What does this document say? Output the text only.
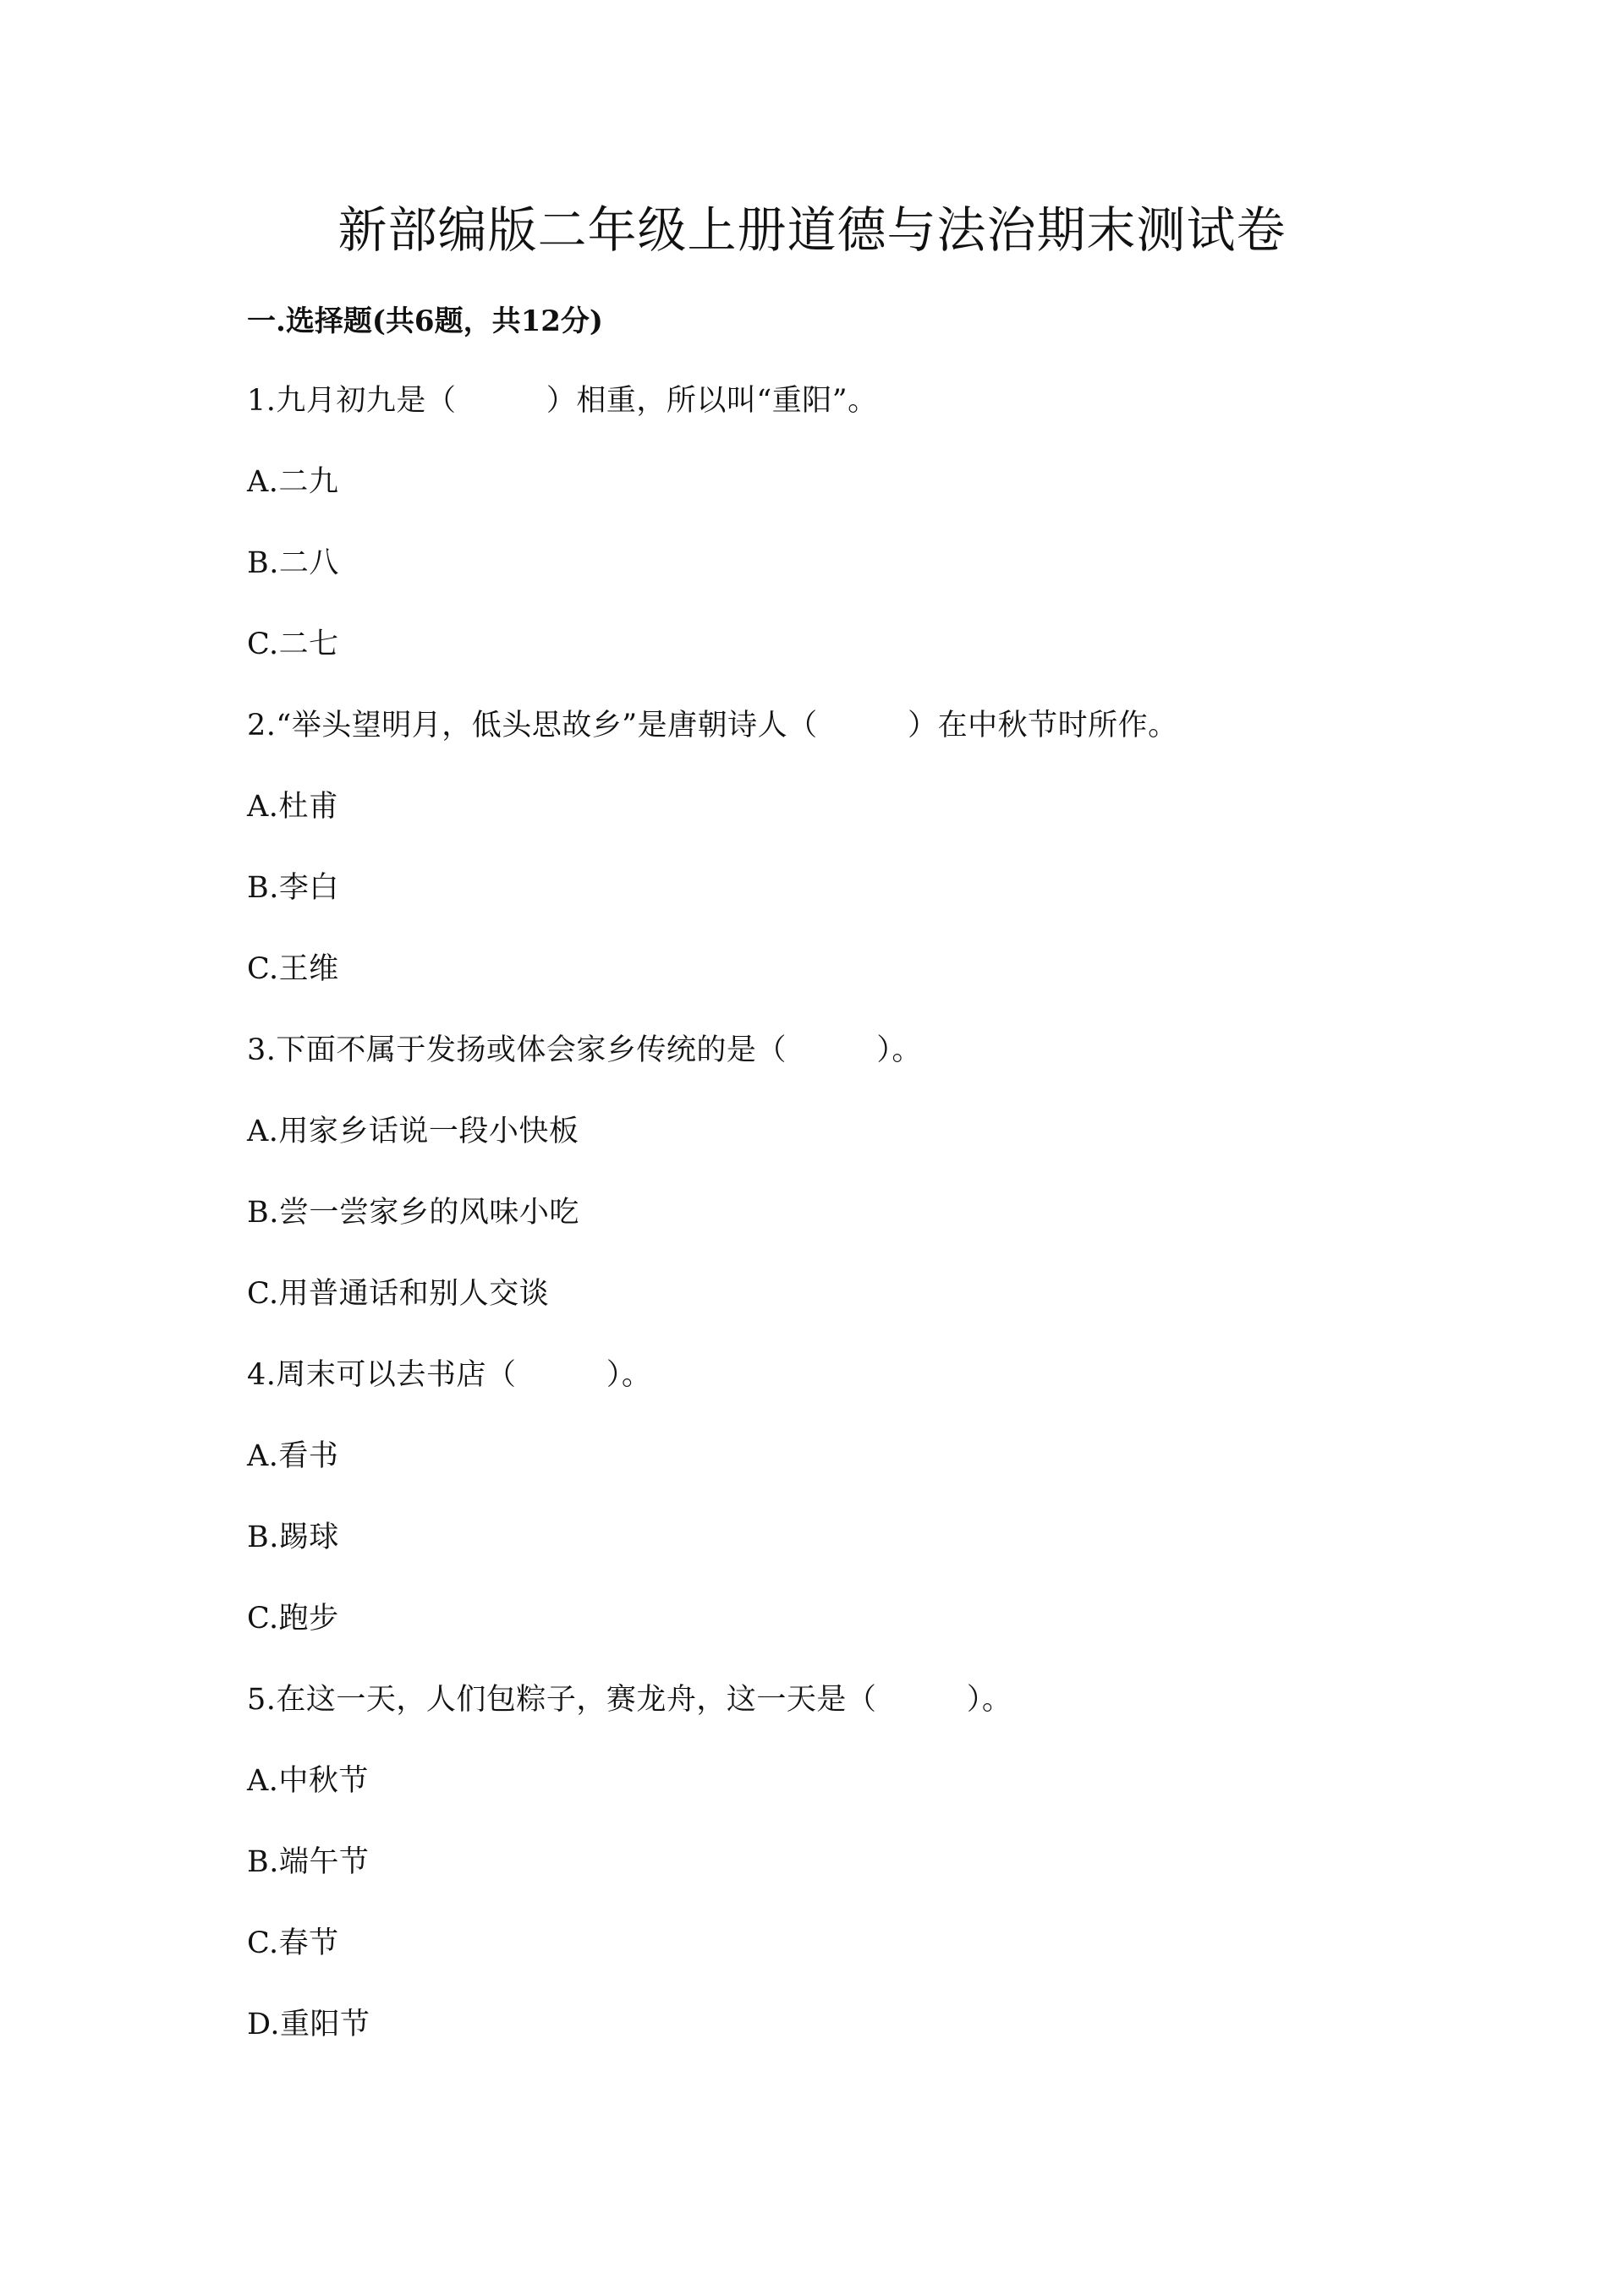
新部编版二年级上册道德与法治期末测试卷
一.选择题(共6题，共12分)
1.九月初九是（　　　）相重，所以叫“重阳”。
A.二九
B.二八
C.二七
2.“举头望明月，低头思故乡”是唐朝诗人（　　　）在中秋节时所作。
A.杜甫
B.李白
C.王维
3.下面不属于发扬或体会家乡传统的是（　　　）。
A.用家乡话说一段小快板
B.尝一尝家乡的风味小吃
C.用普通话和别人交谈
4.周末可以去书店（　　　）。
A.看书
B.踢球
C.跑步
5.在这一天，人们包粽子，赛龙舟，这一天是（　　　）。
A.中秋节
B.端午节
C.春节
D.重阳节
